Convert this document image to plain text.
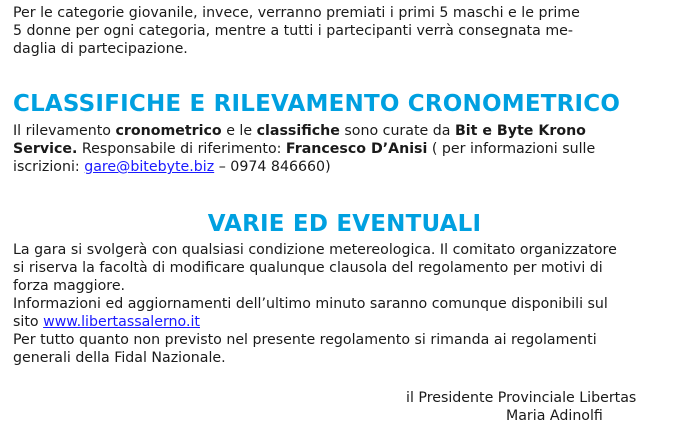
Per le categorie giovanile, invece, verranno premiati i primi 5 maschi e le prime
5 donne per ogni categoria, mentre a tutti i partecipanti verrà consegnata me-
daglia di partecipazione.

CLASSIFICHE E RILEVAMENTO CRONOMETRICO

Il rilevamento cronometrico e le classifiche sono curate da Bit e Byte Krono
Service. Responsabile di riferimento: Francesco D’Anisi ( per informazioni sulle
iscrizioni: gare@bitebyte.biz – 0974 846660)

VARIE ED EVENTUALI

La gara si svolgerà con qualsiasi condizione metereologica. Il comitato organizzatore
si riserva la facoltà di modificare qualunque clausola del regolamento per motivi di
forza maggiore.
Informazioni ed aggiornamenti dell’ultimo minuto saranno comunque disponibili sul
sito www.libertassalerno.it
Per tutto quanto non previsto nel presente regolamento si rimanda ai regolamenti
generali della Fidal Nazionale.

il Presidente Provinciale Libertas
Maria Adinolfi
